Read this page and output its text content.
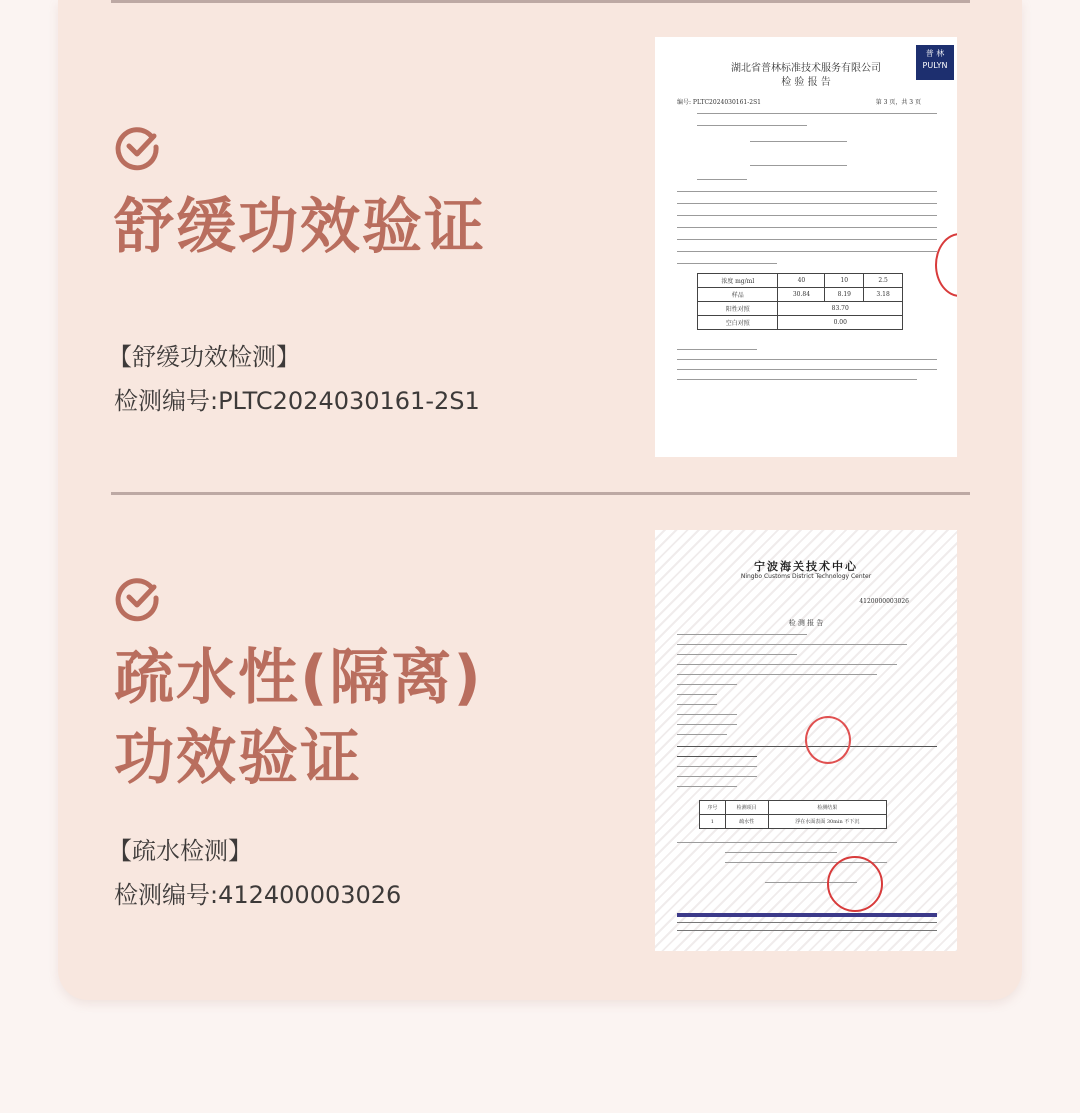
舒缓功效验证
【舒缓功效检测】
检测编号:PLTC2024030161-2S1
普 林
PULYN
湖北省普林标准技术服务有限公司
检 验 报 告
编号: PLTC2024030161-2S1	第 3 页，共 3 页
浓度 mg/ml	40	10	2.5
样品	30.84	8.19	3.18
阳性对照	83.70		
空白对照	0.00		
疏水性(隔离)
功效验证
【疏水检测】
检测编号:412400003026
宁波海关技术中心
Ningbo Customs District Technology Center
4120000003026
检 测 报 告
序号	检测项目	检测结果
1	疏水性	浮在水面表面 30min 不下沉
